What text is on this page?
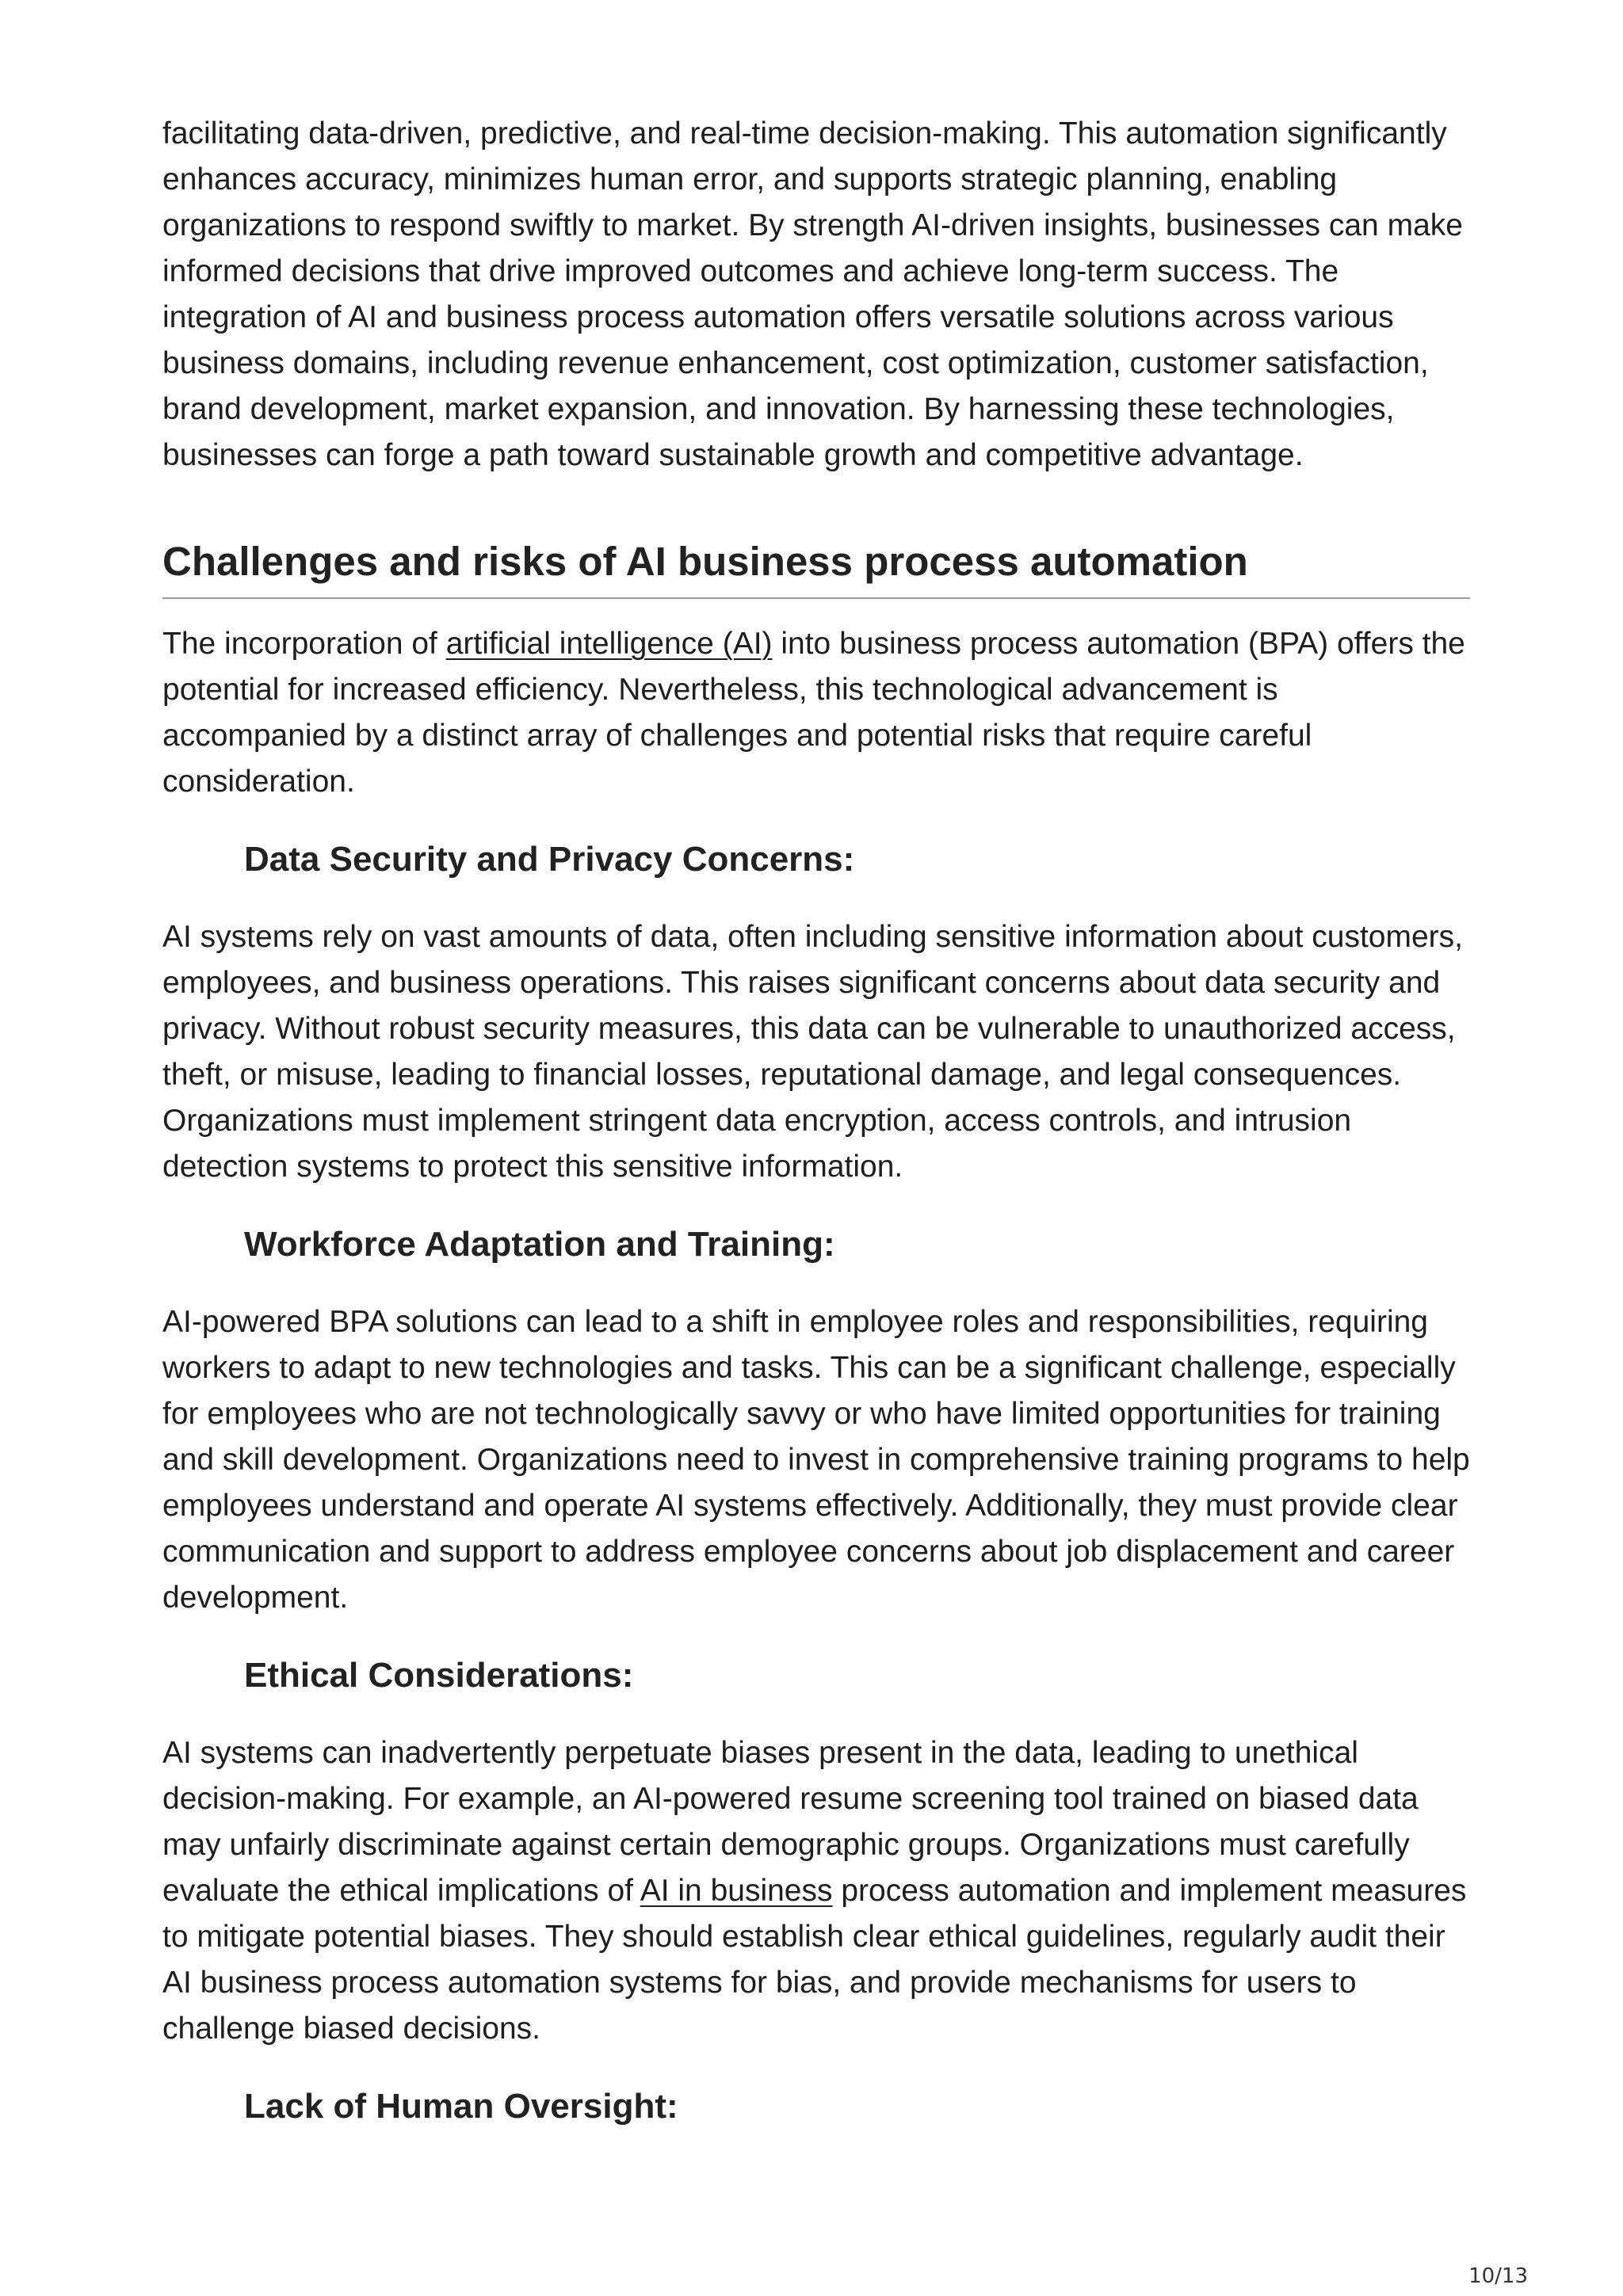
facilitating data-driven, predictive, and real-time decision-making. This automation significantly enhances accuracy, minimizes human error, and supports strategic planning, enabling organizations to respond swiftly to market. By strength AI-driven insights, businesses can make informed decisions that drive improved outcomes and achieve long-term success. The integration of AI and business process automation offers versatile solutions across various business domains, including revenue enhancement, cost optimization, customer satisfaction, brand development, market expansion, and innovation. By harnessing these technologies, businesses can forge a path toward sustainable growth and competitive advantage.

Challenges and risks of AI business process automation

The incorporation of artificial intelligence (AI) into business process automation (BPA) offers the potential for increased efficiency. Nevertheless, this technological advancement is accompanied by a distinct array of challenges and potential risks that require careful consideration.

Data Security and Privacy Concerns:

AI systems rely on vast amounts of data, often including sensitive information about customers, employees, and business operations. This raises significant concerns about data security and privacy. Without robust security measures, this data can be vulnerable to unauthorized access, theft, or misuse, leading to financial losses, reputational damage, and legal consequences. Organizations must implement stringent data encryption, access controls, and intrusion detection systems to protect this sensitive information.

Workforce Adaptation and Training:

AI-powered BPA solutions can lead to a shift in employee roles and responsibilities, requiring workers to adapt to new technologies and tasks. This can be a significant challenge, especially for employees who are not technologically savvy or who have limited opportunities for training and skill development. Organizations need to invest in comprehensive training programs to help employees understand and operate AI systems effectively. Additionally, they must provide clear communication and support to address employee concerns about job displacement and career development.

Ethical Considerations:

AI systems can inadvertently perpetuate biases present in the data, leading to unethical decision-making. For example, an AI-powered resume screening tool trained on biased data may unfairly discriminate against certain demographic groups. Organizations must carefully evaluate the ethical implications of AI in business process automation and implement measures to mitigate potential biases. They should establish clear ethical guidelines, regularly audit their AI business process automation systems for bias, and provide mechanisms for users to challenge biased decisions.

Lack of Human Oversight:
10/13
